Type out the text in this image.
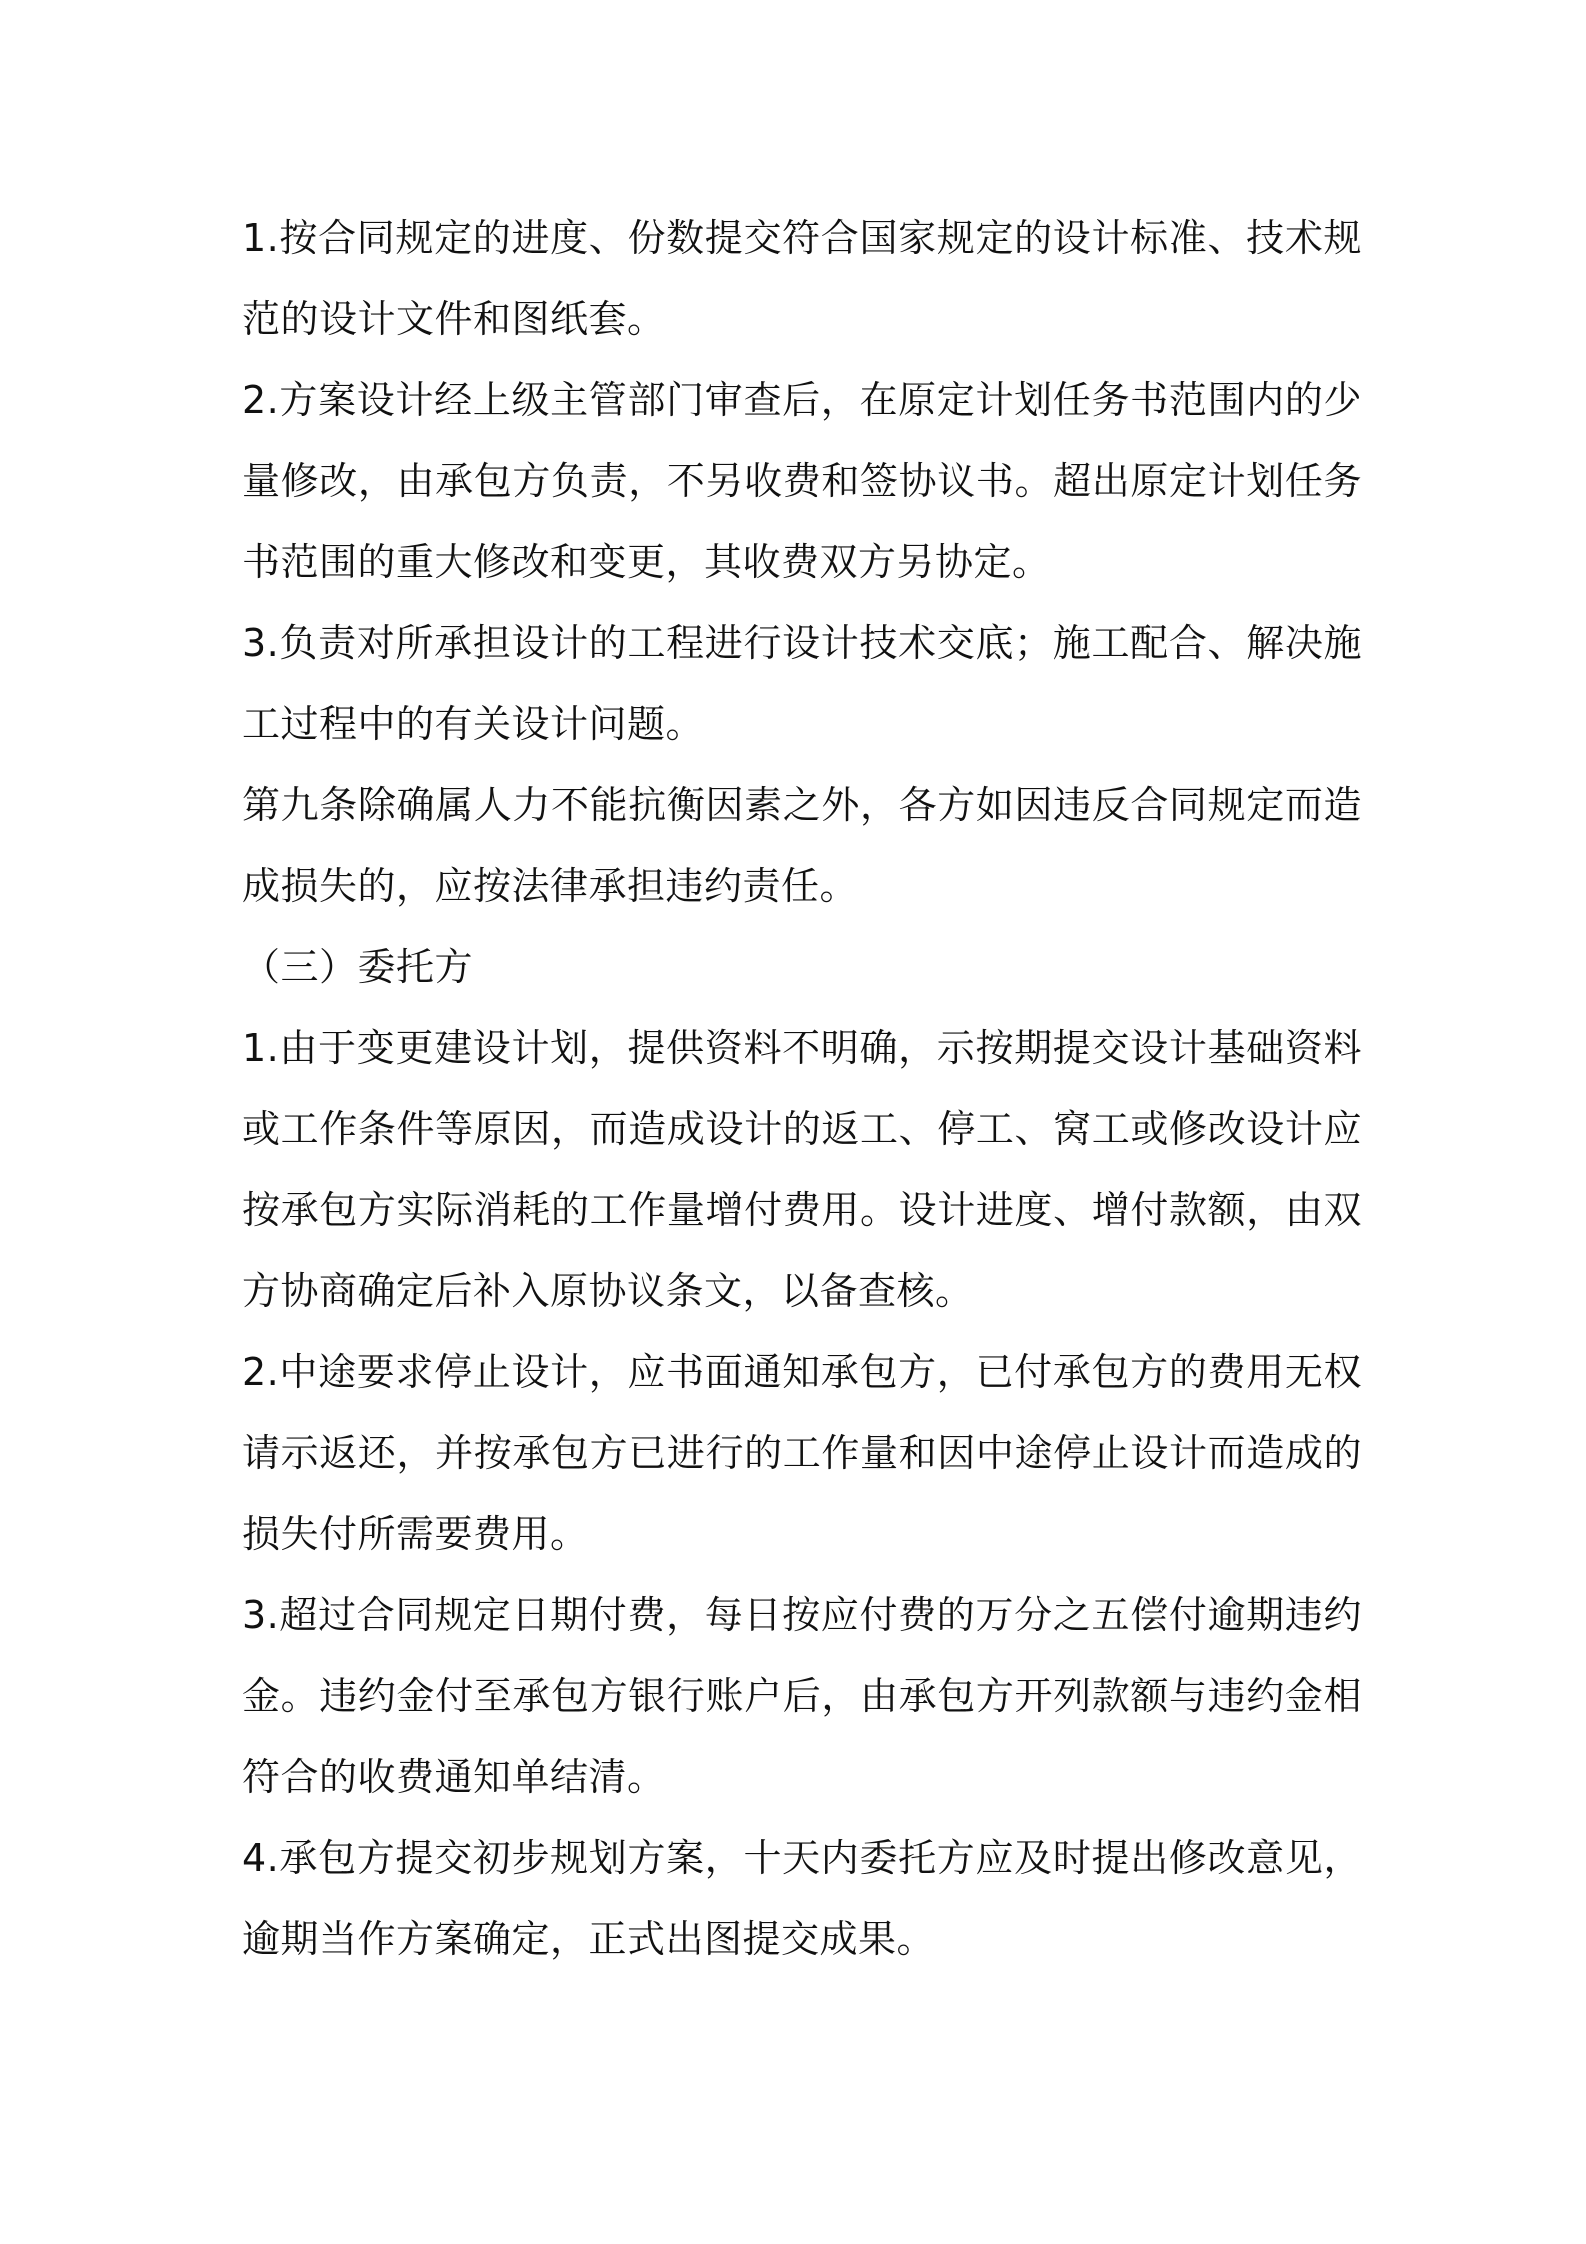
1.按合同规定的进度、份数提交符合国家规定的设计标准、技术规范的设计文件和图纸套。

2.方案设计经上级主管部门审查后，在原定计划任务书范围内的少量修改，由承包方负责，不另收费和签协议书。超出原定计划任务书范围的重大修改和变更，其收费双方另协定。

3.负责对所承担设计的工程进行设计技术交底；施工配合、解决施工过程中的有关设计问题。

第九条除确属人力不能抗衡因素之外，各方如因违反合同规定而造成损失的，应按法律承担违约责任。

（三）委托方

1.由于变更建设计划，提供资料不明确，示按期提交设计基础资料或工作条件等原因，而造成设计的返工、停工、窝工或修改设计应按承包方实际消耗的工作量增付费用。设计进度、增付款额，由双方协商确定后补入原协议条文，以备查核。

2.中途要求停止设计，应书面通知承包方，已付承包方的费用无权请示返还，并按承包方已进行的工作量和因中途停止设计而造成的损失付所需要费用。

3.超过合同规定日期付费，每日按应付费的万分之五偿付逾期违约金。违约金付至承包方银行账户后，由承包方开列款额与违约金相符合的收费通知单结清。

4.承包方提交初步规划方案，十天内委托方应及时提出修改意见，逾期当作方案确定，正式出图提交成果。
